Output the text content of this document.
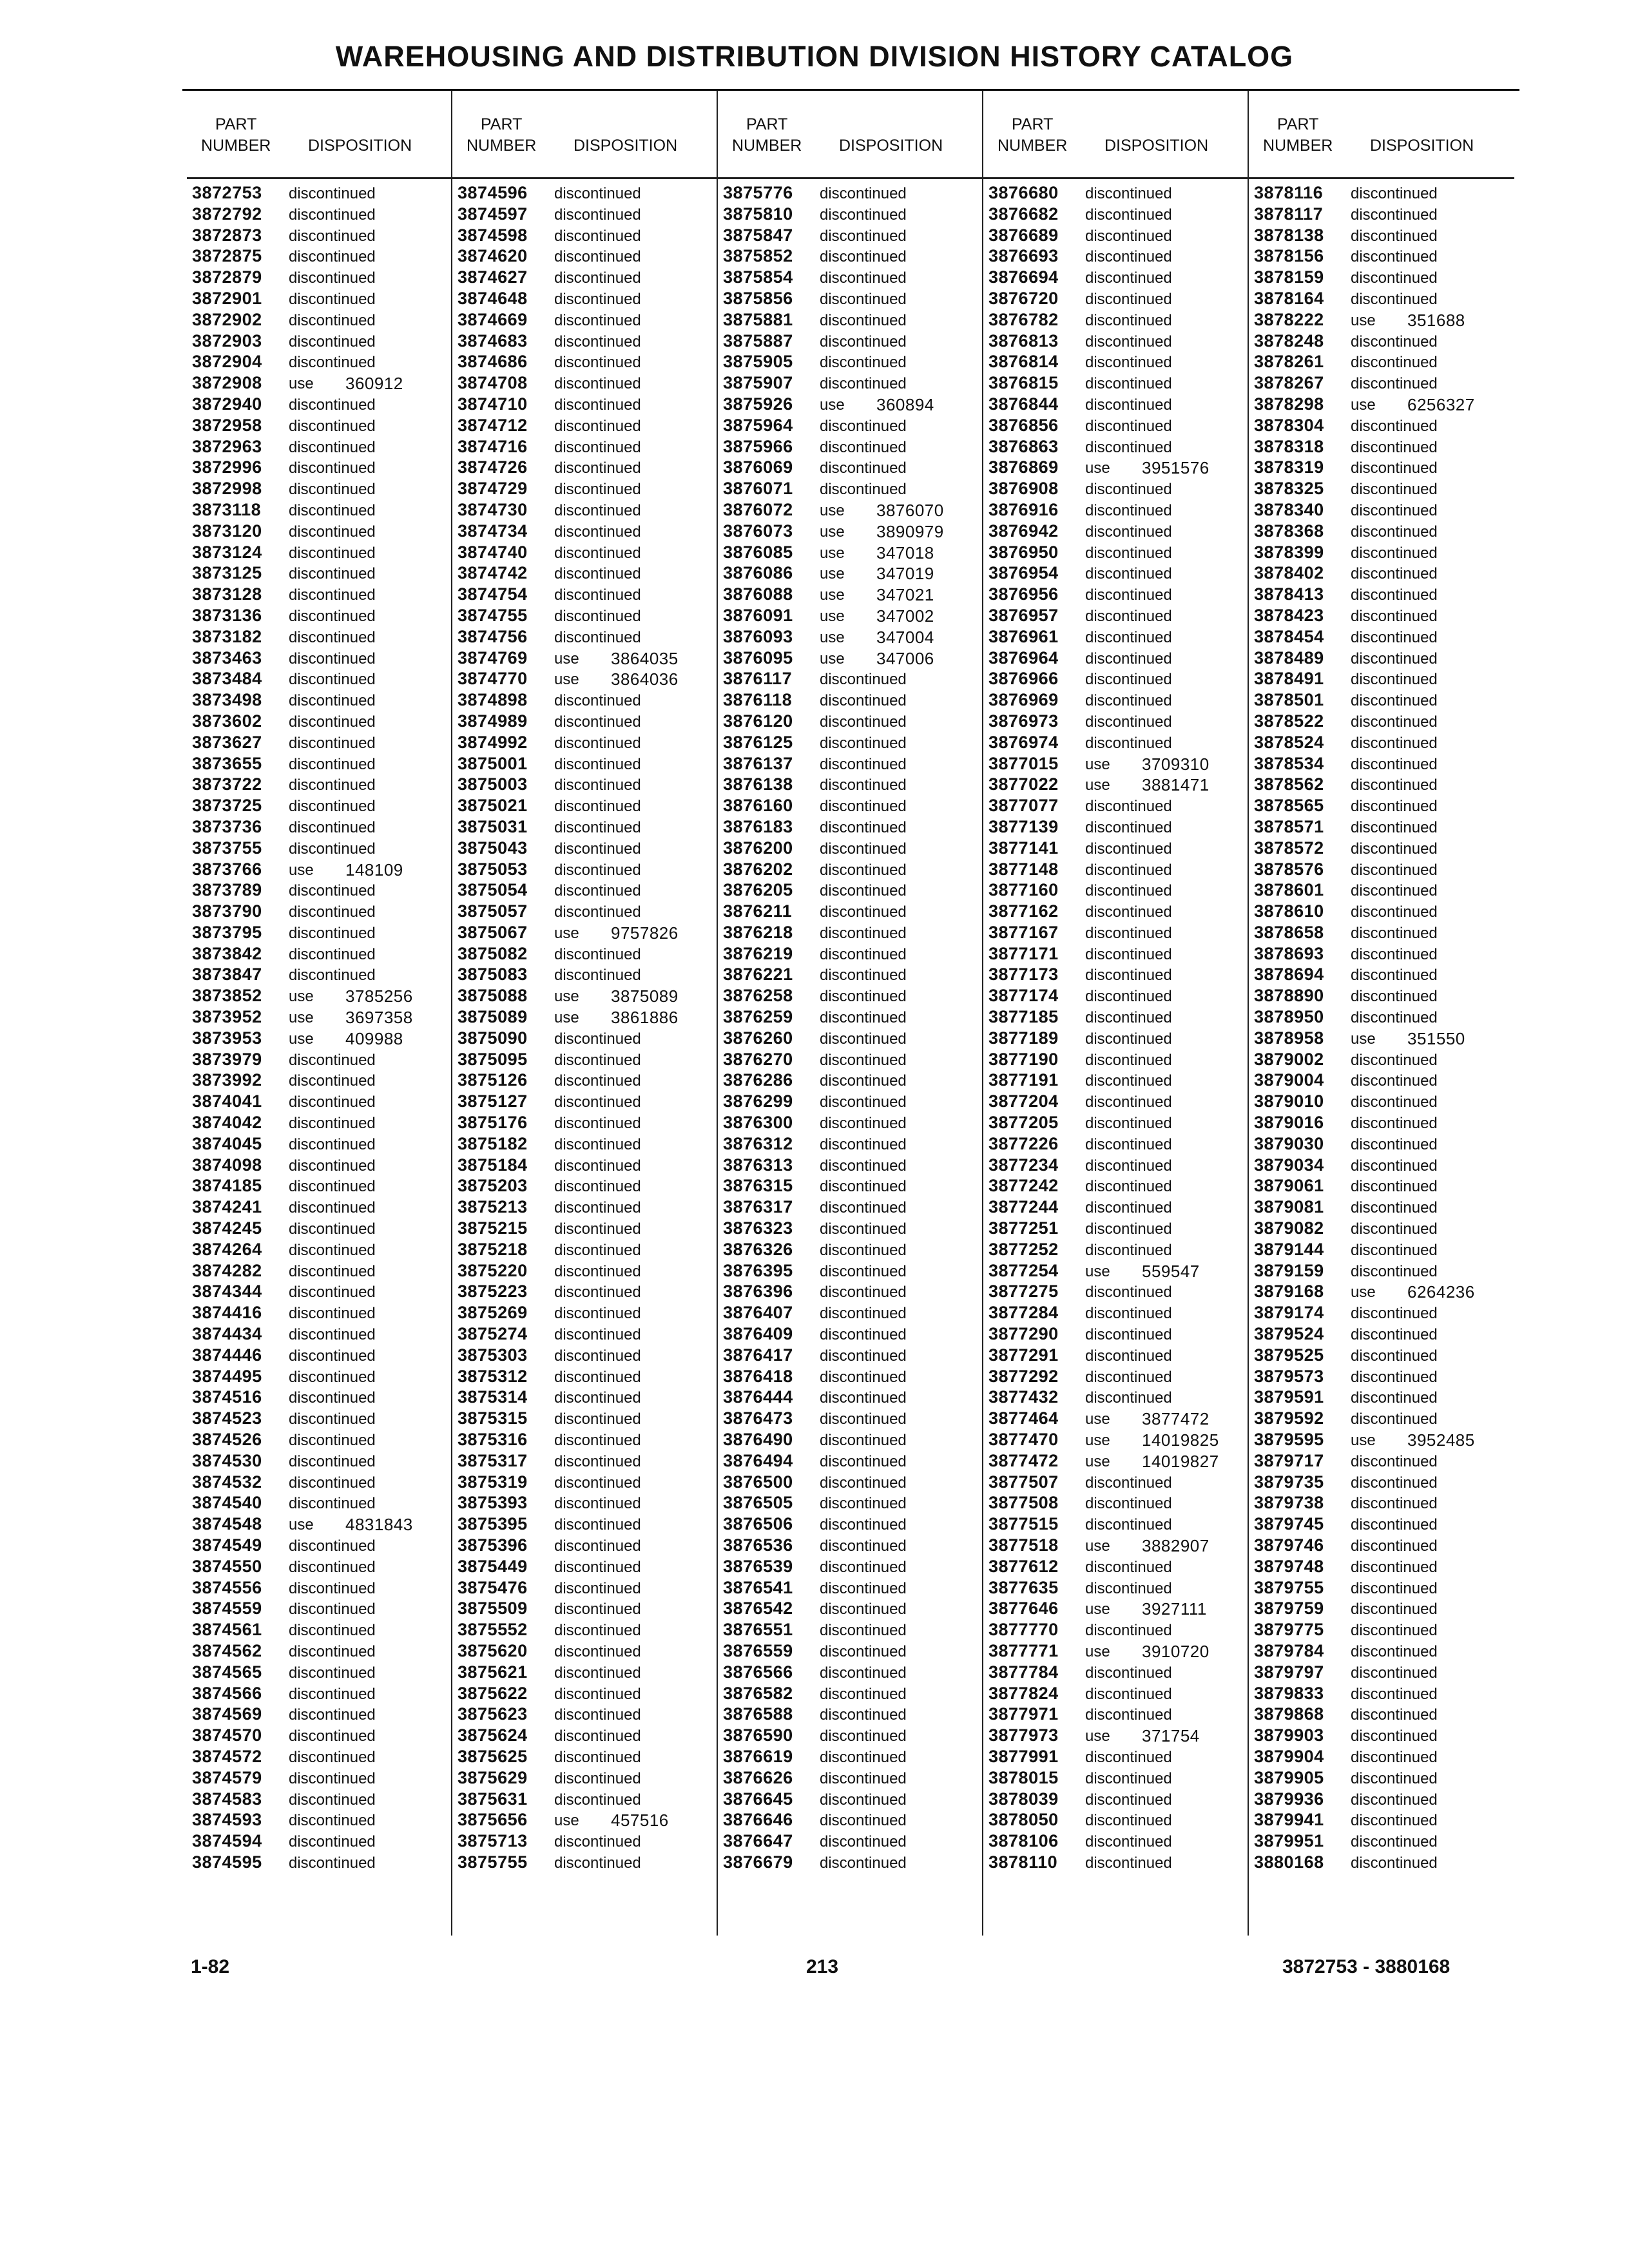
WAREHOUSING AND DISTRIBUTION DIVISION HISTORY CATALOG
PART
NUMBER DISPOSITION
3872753 discontinued
3872792 discontinued
3872873 discontinued
3872875 discontinued
3872879 discontinued
3872901 discontinued
3872902 discontinued
3872903 discontinued
3872904 discontinued
3872908 use 360912
3872940 discontinued
3872958 discontinued
3872963 discontinued
3872996 discontinued
3872998 discontinued
3873118 discontinued
3873120 discontinued
3873124 discontinued
3873125 discontinued
3873128 discontinued
3873136 discontinued
3873182 discontinued
3873463 discontinued
3873484 discontinued
3873498 discontinued
3873602 discontinued
3873627 discontinued
3873655 discontinued
3873722 discontinued
3873725 discontinued
3873736 discontinued
3873755 discontinued
3873766 use 148109
3873789 discontinued
3873790 discontinued
3873795 discontinued
3873842 discontinued
3873847 discontinued
3873852 use 3785256
3873952 use 3697358
3873953 use 409988
3873979 discontinued
3873992 discontinued
3874041 discontinued
3874042 discontinued
3874045 discontinued
3874098 discontinued
3874185 discontinued
3874241 discontinued
3874245 discontinued
3874264 discontinued
3874282 discontinued
3874344 discontinued
3874416 discontinued
3874434 discontinued
3874446 discontinued
3874495 discontinued
3874516 discontinued
3874523 discontinued
3874526 discontinued
3874530 discontinued
3874532 discontinued
3874540 discontinued
3874548 use 4831843
3874549 discontinued
3874550 discontinued
3874556 discontinued
3874559 discontinued
3874561 discontinued
3874562 discontinued
3874565 discontinued
3874566 discontinued
3874569 discontinued
3874570 discontinued
3874572 discontinued
3874579 discontinued
3874583 discontinued
3874593 discontinued
3874594 discontinued
3874595 discontinued
PART
NUMBER DISPOSITION
3874596 discontinued
3874597 discontinued
3874598 discontinued
3874620 discontinued
3874627 discontinued
3874648 discontinued
3874669 discontinued
3874683 discontinued
3874686 discontinued
3874708 discontinued
3874710 discontinued
3874712 discontinued
3874716 discontinued
3874726 discontinued
3874729 discontinued
3874730 discontinued
3874734 discontinued
3874740 discontinued
3874742 discontinued
3874754 discontinued
3874755 discontinued
3874756 discontinued
3874769 use 3864035
3874770 use 3864036
3874898 discontinued
3874989 discontinued
3874992 discontinued
3875001 discontinued
3875003 discontinued
3875021 discontinued
3875031 discontinued
3875043 discontinued
3875053 discontinued
3875054 discontinued
3875057 discontinued
3875067 use 9757826
3875082 discontinued
3875083 discontinued
3875088 use 3875089
3875089 use 3861886
3875090 discontinued
3875095 discontinued
3875126 discontinued
3875127 discontinued
3875176 discontinued
3875182 discontinued
3875184 discontinued
3875203 discontinued
3875213 discontinued
3875215 discontinued
3875218 discontinued
3875220 discontinued
3875223 discontinued
3875269 discontinued
3875274 discontinued
3875303 discontinued
3875312 discontinued
3875314 discontinued
3875315 discontinued
3875316 discontinued
3875317 discontinued
3875319 discontinued
3875393 discontinued
3875395 discontinued
3875396 discontinued
3875449 discontinued
3875476 discontinued
3875509 discontinued
3875552 discontinued
3875620 discontinued
3875621 discontinued
3875622 discontinued
3875623 discontinued
3875624 discontinued
3875625 discontinued
3875629 discontinued
3875631 discontinued
3875656 use 457516
3875713 discontinued
3875755 discontinued
PART
NUMBER DISPOSITION
3875776 discontinued
3875810 discontinued
3875847 discontinued
3875852 discontinued
3875854 discontinued
3875856 discontinued
3875881 discontinued
3875887 discontinued
3875905 discontinued
3875907 discontinued
3875926 use 360894
3875964 discontinued
3875966 discontinued
3876069 discontinued
3876071 discontinued
3876072 use 3876070
3876073 use 3890979
3876085 use 347018
3876086 use 347019
3876088 use 347021
3876091 use 347002
3876093 use 347004
3876095 use 347006
3876117 discontinued
3876118 discontinued
3876120 discontinued
3876125 discontinued
3876137 discontinued
3876138 discontinued
3876160 discontinued
3876183 discontinued
3876200 discontinued
3876202 discontinued
3876205 discontinued
3876211 discontinued
3876218 discontinued
3876219 discontinued
3876221 discontinued
3876258 discontinued
3876259 discontinued
3876260 discontinued
3876270 discontinued
3876286 discontinued
3876299 discontinued
3876300 discontinued
3876312 discontinued
3876313 discontinued
3876315 discontinued
3876317 discontinued
3876323 discontinued
3876326 discontinued
3876395 discontinued
3876396 discontinued
3876407 discontinued
3876409 discontinued
3876417 discontinued
3876418 discontinued
3876444 discontinued
3876473 discontinued
3876490 discontinued
3876494 discontinued
3876500 discontinued
3876505 discontinued
3876506 discontinued
3876536 discontinued
3876539 discontinued
3876541 discontinued
3876542 discontinued
3876551 discontinued
3876559 discontinued
3876566 discontinued
3876582 discontinued
3876588 discontinued
3876590 discontinued
3876619 discontinued
3876626 discontinued
3876645 discontinued
3876646 discontinued
3876647 discontinued
3876679 discontinued
PART
NUMBER DISPOSITION
3876680 discontinued
3876682 discontinued
3876689 discontinued
3876693 discontinued
3876694 discontinued
3876720 discontinued
3876782 discontinued
3876813 discontinued
3876814 discontinued
3876815 discontinued
3876844 discontinued
3876856 discontinued
3876863 discontinued
3876869 use 3951576
3876908 discontinued
3876916 discontinued
3876942 discontinued
3876950 discontinued
3876954 discontinued
3876956 discontinued
3876957 discontinued
3876961 discontinued
3876964 discontinued
3876966 discontinued
3876969 discontinued
3876973 discontinued
3876974 discontinued
3877015 use 3709310
3877022 use 3881471
3877077 discontinued
3877139 discontinued
3877141 discontinued
3877148 discontinued
3877160 discontinued
3877162 discontinued
3877167 discontinued
3877171 discontinued
3877173 discontinued
3877174 discontinued
3877185 discontinued
3877189 discontinued
3877190 discontinued
3877191 discontinued
3877204 discontinued
3877205 discontinued
3877226 discontinued
3877234 discontinued
3877242 discontinued
3877244 discontinued
3877251 discontinued
3877252 discontinued
3877254 use 559547
3877275 discontinued
3877284 discontinued
3877290 discontinued
3877291 discontinued
3877292 discontinued
3877432 discontinued
3877464 use 3877472
3877470 use 14019825
3877472 use 14019827
3877507 discontinued
3877508 discontinued
3877515 discontinued
3877518 use 3882907
3877612 discontinued
3877635 discontinued
3877646 use 3927111
3877770 discontinued
3877771 use 3910720
3877784 discontinued
3877824 discontinued
3877971 discontinued
3877973 use 371754
3877991 discontinued
3878015 discontinued
3878039 discontinued
3878050 discontinued
3878106 discontinued
3878110 discontinued
PART
NUMBER DISPOSITION
3878116 discontinued
3878117 discontinued
3878138 discontinued
3878156 discontinued
3878159 discontinued
3878164 discontinued
3878222 use 351688
3878248 discontinued
3878261 discontinued
3878267 discontinued
3878298 use 6256327
3878304 discontinued
3878318 discontinued
3878319 discontinued
3878325 discontinued
3878340 discontinued
3878368 discontinued
3878399 discontinued
3878402 discontinued
3878413 discontinued
3878423 discontinued
3878454 discontinued
3878489 discontinued
3878491 discontinued
3878501 discontinued
3878522 discontinued
3878524 discontinued
3878534 discontinued
3878562 discontinued
3878565 discontinued
3878571 discontinued
3878572 discontinued
3878576 discontinued
3878601 discontinued
3878610 discontinued
3878658 discontinued
3878693 discontinued
3878694 discontinued
3878890 discontinued
3878950 discontinued
3878958 use 351550
3879002 discontinued
3879004 discontinued
3879010 discontinued
3879016 discontinued
3879030 discontinued
3879034 discontinued
3879061 discontinued
3879081 discontinued
3879082 discontinued
3879144 discontinued
3879159 discontinued
3879168 use 6264236
3879174 discontinued
3879524 discontinued
3879525 discontinued
3879573 discontinued
3879591 discontinued
3879592 discontinued
3879595 use 3952485
3879717 discontinued
3879735 discontinued
3879738 discontinued
3879745 discontinued
3879746 discontinued
3879748 discontinued
3879755 discontinued
3879759 discontinued
3879775 discontinued
3879784 discontinued
3879797 discontinued
3879833 discontinued
3879868 discontinued
3879903 discontinued
3879904 discontinued
3879905 discontinued
3879936 discontinued
3879941 discontinued
3879951 discontinued
3880168 discontinued
1-82	213	3872753 - 3880168
